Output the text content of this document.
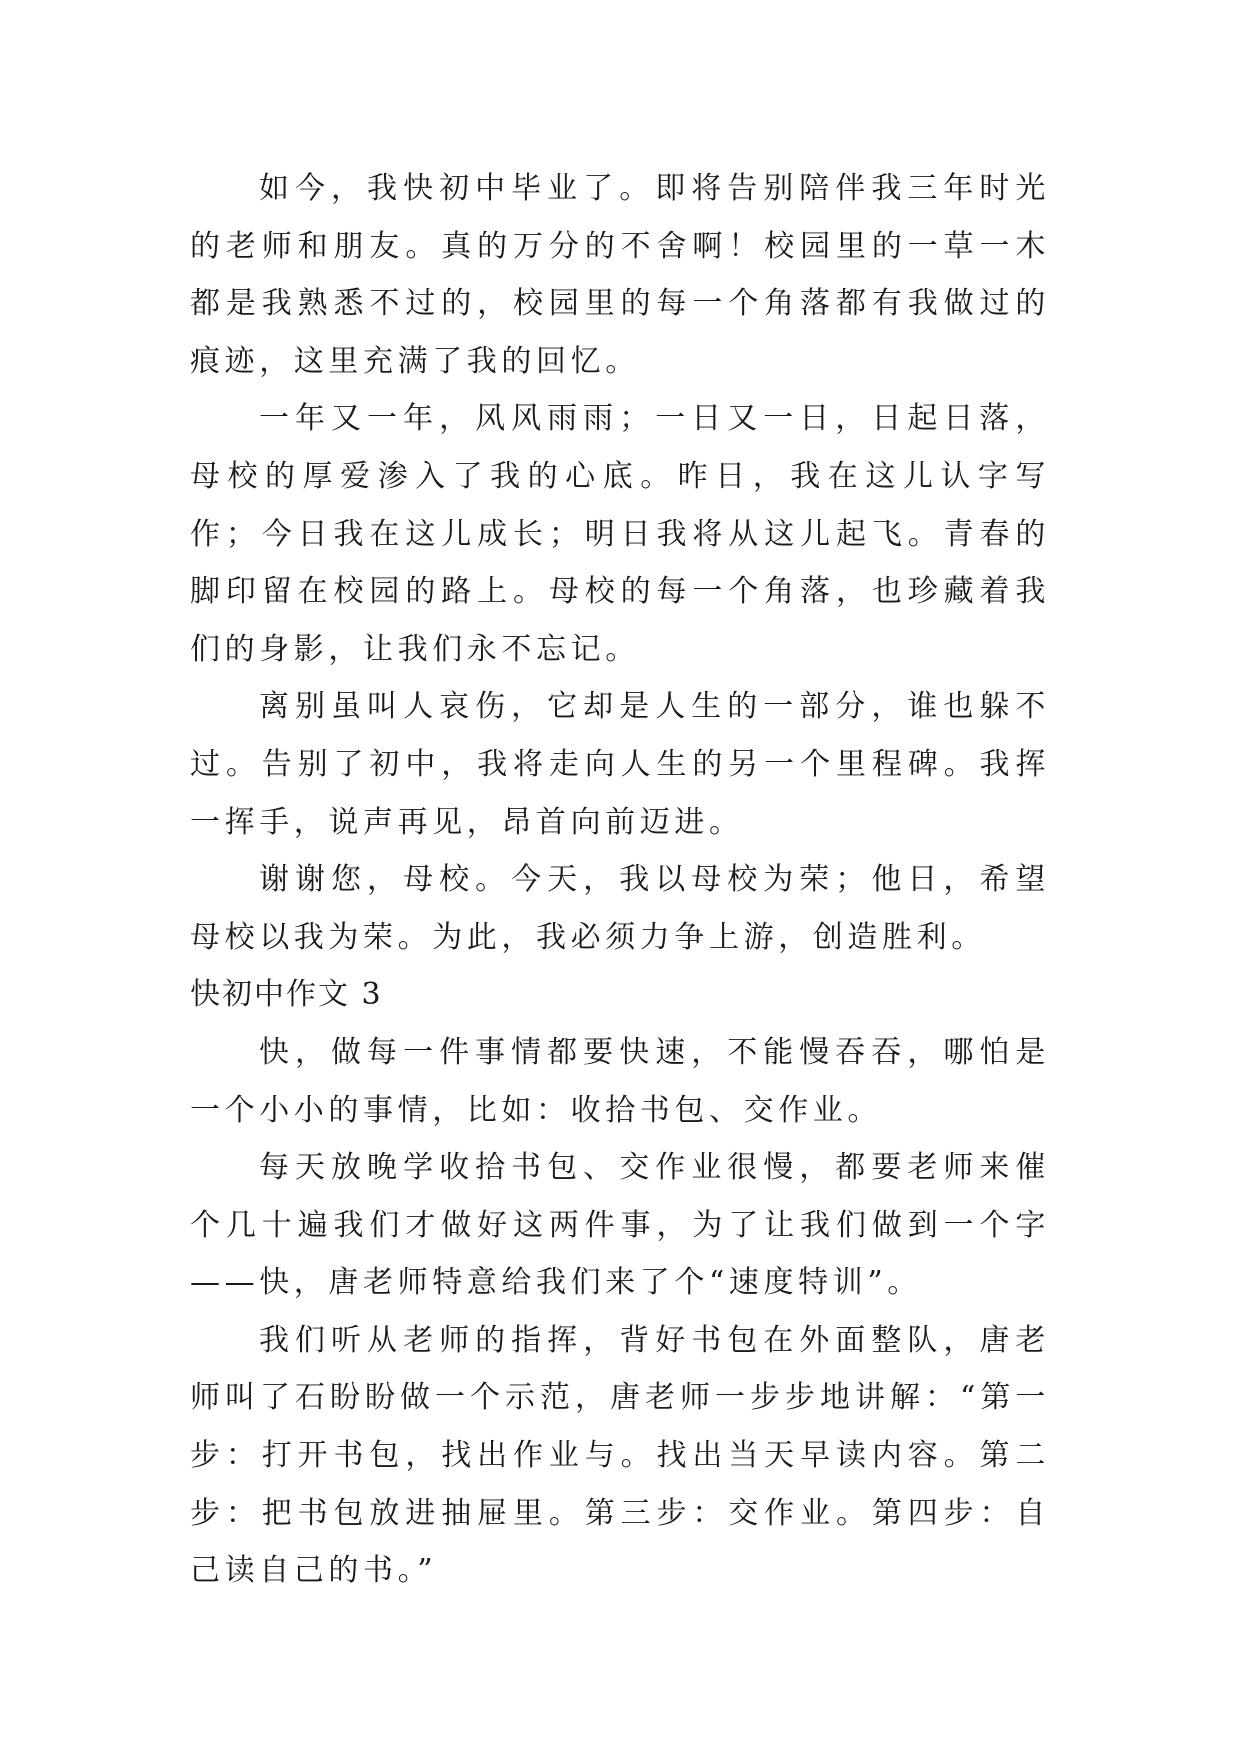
如今，我快初中毕业了。即将告别陪伴我三年时光的老师和朋友。真的万分的不舍啊！校园里的一草一木都是我熟悉不过的，校园里的每一个角落都有我做过的痕迹，这里充满了我的回忆。

一年又一年，风风雨雨；一日又一日，日起日落，母校的厚爱渗入了我的心底。昨日，我在这儿认字写作；今日我在这儿成长；明日我将从这儿起飞。青春的脚印留在校园的路上。母校的每一个角落，也珍藏着我们的身影，让我们永不忘记。

离别虽叫人哀伤，它却是人生的一部分，谁也躲不过。告别了初中，我将走向人生的另一个里程碑。我挥一挥手，说声再见，昂首向前迈进。

谢谢您，母校。今天，我以母校为荣；他日，希望母校以我为荣。为此，我必须力争上游，创造胜利。

快初中作文 3

快，做每一件事情都要快速，不能慢吞吞，哪怕是一个小小的事情，比如：收拾书包、交作业。

每天放晚学收拾书包、交作业很慢，都要老师来催个几十遍我们才做好这两件事，为了让我们做到一个字——快，唐老师特意给我们来了个“速度特训”。

我们听从老师的指挥，背好书包在外面整队，唐老师叫了石盼盼做一个示范，唐老师一步步地讲解：“第一步：打开书包，找出作业与。找出当天早读内容。第二步：把书包放进抽屉里。第三步：交作业。第四步：自己读自己的书。”
